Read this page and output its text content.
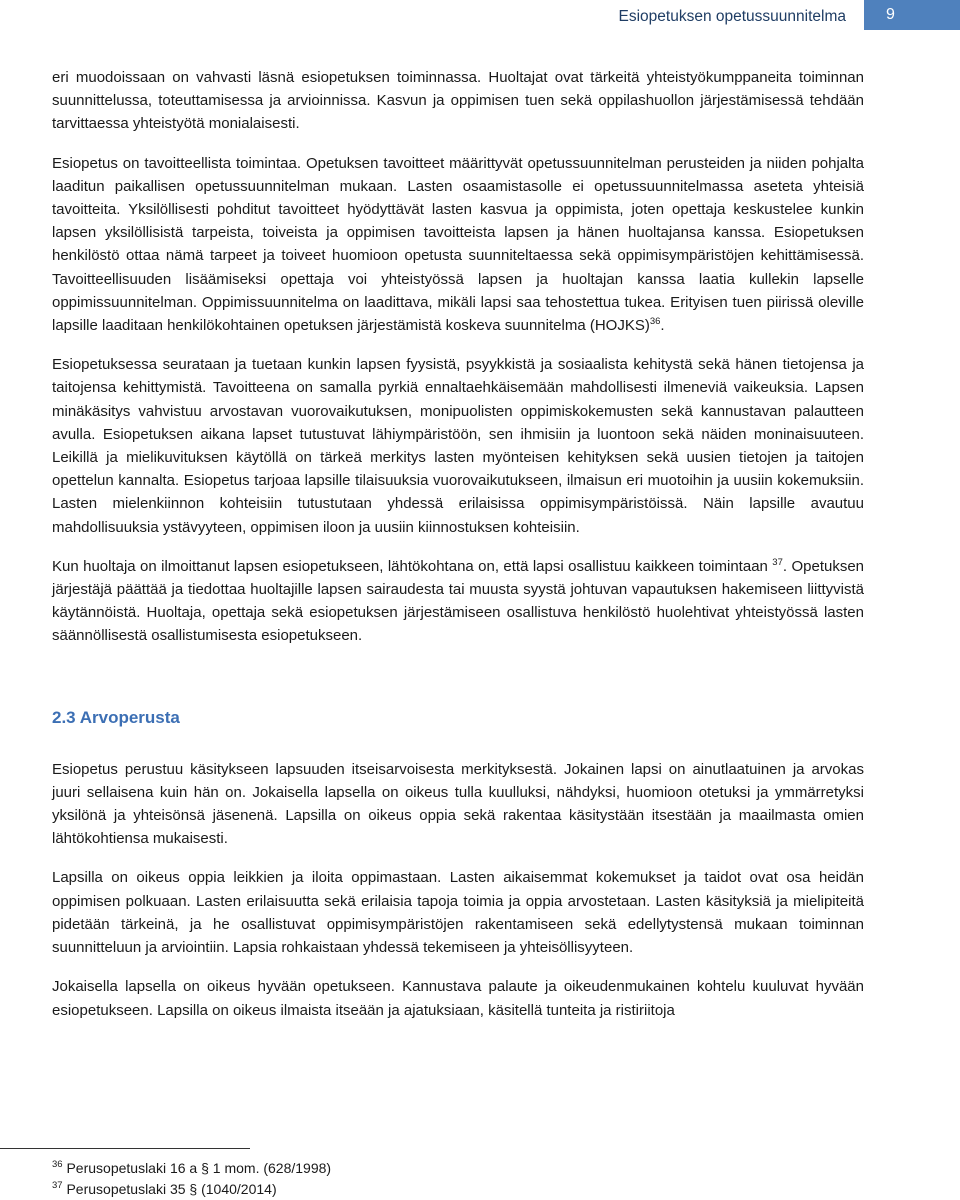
Esiopetuksen opetussuunnitelma	9

eri muodoissaan on vahvasti läsnä esiopetuksen toiminnassa. Huoltajat ovat tärkeitä yhteistyökumppaneita toiminnan suunnittelussa, toteuttamisessa ja arvioinnissa. Kasvun ja oppimisen tuen sekä oppilashuollon järjestämisessä tehdään tarvittaessa yhteistyötä monialaisesti.

Esiopetus on tavoitteellista toimintaa. Opetuksen tavoitteet määrittyvät opetussuunnitelman perusteiden ja niiden pohjalta laaditun paikallisen opetussuunnitelman mukaan. Lasten osaamistasolle ei opetussuunnitelmassa aseteta yhteisiä tavoitteita. Yksilöllisesti pohditut tavoitteet hyödyttävät lasten kasvua ja oppimista, joten opettaja keskustelee kunkin lapsen yksilöllisistä tarpeista, toiveista ja oppimisen tavoitteista lapsen ja hänen huoltajansa kanssa. Esiopetuksen henkilöstö ottaa nämä tarpeet ja toiveet huomioon opetusta suunniteltaessa sekä oppimisympäristöjen kehittämisessä. Tavoitteellisuuden lisäämiseksi opettaja voi yhteistyössä lapsen ja huoltajan kanssa laatia kullekin lapselle oppimissuunnitelman. Oppimissuunnitelma on laadittava, mikäli lapsi saa tehostettua tukea. Erityisen tuen piirissä oleville lapsille laaditaan henkilökohtainen opetuksen järjestämistä koskeva suunnitelma (HOJKS)$^{36}$.

Esiopetuksessa seurataan ja tuetaan kunkin lapsen fyysistä, psyykkistä ja sosiaalista kehitystä sekä hänen tietojensa ja taitojensa kehittymistä. Tavoitteena on samalla pyrkiä ennaltaehkäisemään mahdollisesti ilmeneviä vaikeuksia. Lapsen minäkäsitys vahvistuu arvostavan vuorovaikutuksen, monipuolisten oppimiskokemusten sekä kannustavan palautteen avulla. Esiopetuksen aikana lapset tutustuvat lähiympäristöön, sen ihmisiin ja luontoon sekä näiden moninaisuuteen. Leikillä ja mielikuvituksen käytöllä on tärkeä merkitys lasten myönteisen kehityksen sekä uusien tietojen ja taitojen opettelun kannalta. Esiopetus tarjoaa lapsille tilaisuuksia vuorovaikutukseen, ilmaisun eri muotoihin ja uusiin kokemuksiin. Lasten mielenkiinnon kohteisiin tutustutaan yhdessä erilaisissa oppimisympäristöissä. Näin lapsille avautuu mahdollisuuksia ystävyyteen, oppimisen iloon ja uusiin kiinnostuksen kohteisiin.

Kun huoltaja on ilmoittanut lapsen esiopetukseen, lähtökohtana on, että lapsi osallistuu kaikkeen toimintaan $^{37}$. Opetuksen järjestäjä päättää ja tiedottaa huoltajille lapsen sairaudesta tai muusta syystä johtuvan vapautuksen hakemiseen liittyvistä käytännöistä. Huoltaja, opettaja sekä esiopetuksen järjestämiseen osallistuva henkilöstö huolehtivat yhteistyössä lasten säännöllisestä osallistumisesta esiopetukseen.

2.3 Arvoperusta

Esiopetus perustuu käsitykseen lapsuuden itseisarvoisesta merkityksestä. Jokainen lapsi on ainutlaatuinen ja arvokas juuri sellaisena kuin hän on. Jokaisella lapsella on oikeus tulla kuulluksi, nähdyksi, huomioon otetuksi ja ymmärretyksi yksilönä ja yhteisönsä jäsenenä. Lapsilla on oikeus oppia sekä rakentaa käsitystään itsestään ja maailmasta omien lähtökohtiensa mukaisesti.

Lapsilla on oikeus oppia leikkien ja iloita oppimastaan. Lasten aikaisemmat kokemukset ja taidot ovat osa heidän oppimisen polkuaan. Lasten erilaisuutta sekä erilaisia tapoja toimia ja oppia arvostetaan. Lasten käsityksiä ja mielipiteitä pidetään tärkeinä, ja he osallistuvat oppimisympäristöjen rakentamiseen sekä edellytystensä mukaan toiminnan suunnitteluun ja arviointiin. Lapsia rohkaistaan yhdessä tekemiseen ja yhteisöllisyyteen.

Jokaisella lapsella on oikeus hyvään opetukseen. Kannustava palaute ja oikeudenmukainen kohtelu kuuluvat hyvään esiopetukseen. Lapsilla on oikeus ilmaista itseään ja ajatuksiaan, käsitellä tunteita ja ristiriitoja

$^{36}$ Perusopetuslaki 16 a § 1 mom. (628/1998)
$^{37}$ Perusopetuslaki 35 § (1040/2014)
